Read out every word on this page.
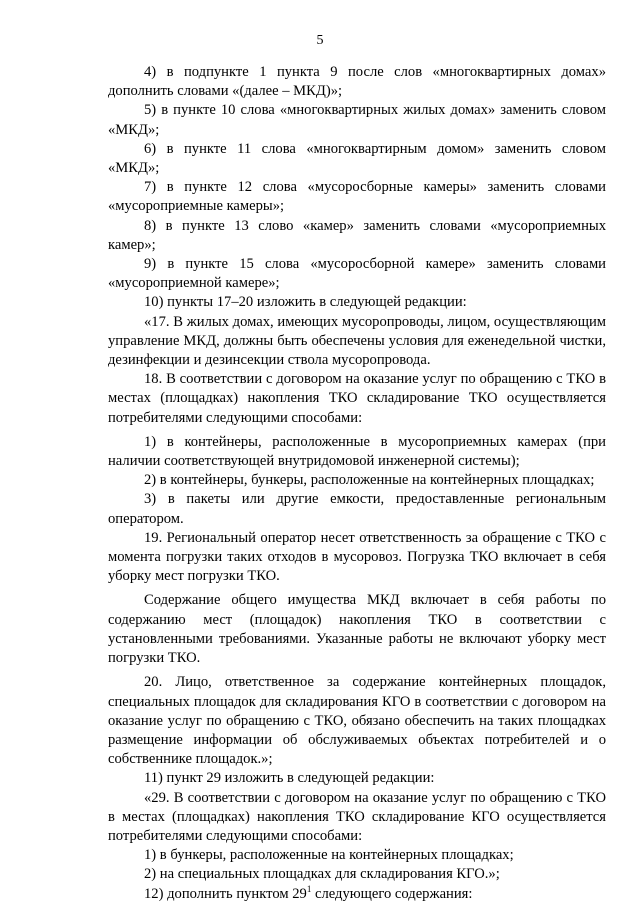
5

4) в подпункте 1 пункта 9 после слов «многоквартирных домах» дополнить словами «(далее – МКД)»;

5) в пункте 10 слова «многоквартирных жилых домах» заменить словом «МКД»;

6) в пункте 11 слова «многоквартирным домом» заменить словом «МКД»;

7) в пункте 12 слова «мусоросборные камеры» заменить словами «мусороприемные камеры»;

8) в пункте 13 слово «камер» заменить словами «мусороприемных камер»;

9) в пункте 15 слова «мусоросборной камере» заменить словами «мусороприемной камере»;

10) пункты 17–20 изложить в следующей редакции:

«17. В жилых домах, имеющих мусоропроводы, лицом, осуществляющим управление МКД, должны быть обеспечены условия для еженедельной чистки, дезинфекции и дезинсекции ствола мусоропровода.

18. В соответствии с договором на оказание услуг по обращению с ТКО в местах (площадках) накопления ТКО складирование ТКО осуществляется потребителями следующими способами:

1) в контейнеры, расположенные в мусороприемных камерах (при наличии соответствующей внутридомовой инженерной системы);

2) в контейнеры, бункеры, расположенные на контейнерных площадках;

3) в пакеты или другие емкости, предоставленные региональным оператором.

19. Региональный оператор несет ответственность за обращение с ТКО с момента погрузки таких отходов в мусоровоз. Погрузка ТКО включает в себя уборку мест погрузки ТКО.

Содержание общего имущества МКД включает в себя работы по содержанию мест (площадок) накопления ТКО в соответствии с установленными требованиями. Указанные работы не включают уборку мест погрузки ТКО.

20. Лицо, ответственное за содержание контейнерных площадок, специальных площадок для складирования КГО в соответствии с договором на оказание услуг по обращению с ТКО, обязано обеспечить на таких площадках размещение информации об обслуживаемых объектах потребителей и о собственнике площадок.»;

11) пункт 29 изложить в следующей редакции:

«29. В соответствии с договором на оказание услуг по обращению с ТКО в местах (площадках) накопления ТКО складирование КГО осуществляется потребителями следующими способами:

1) в бункеры, расположенные на контейнерных площадках;

2) на специальных площадках для складирования КГО.»;

12) дополнить пунктом $29^1$ следующего содержания:
